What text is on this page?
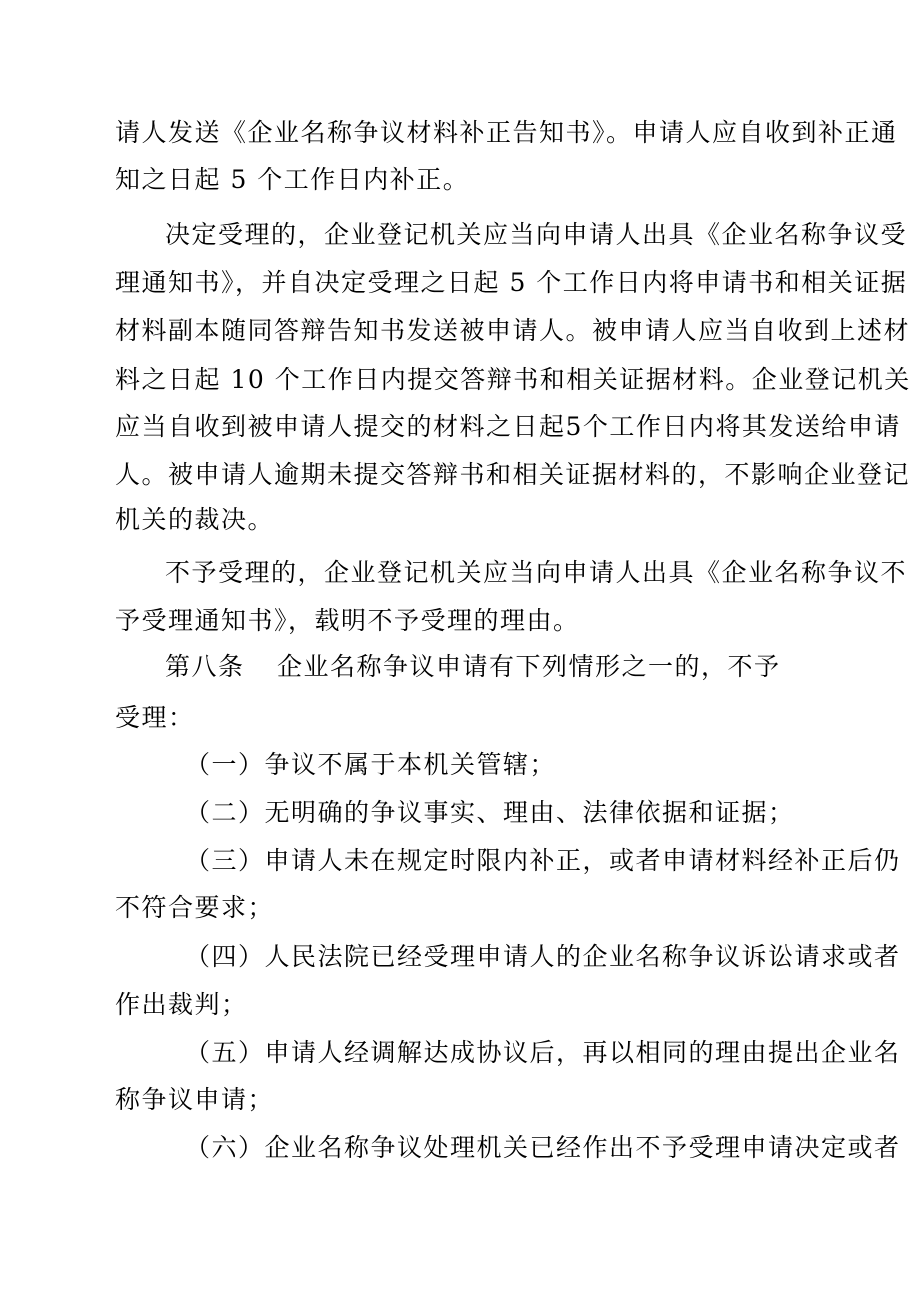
请人发送《企业名称争议材料补正告知书》。申请人应自收到补正通
知之日起 5 个工作日内补正。
决定受理的，企业登记机关应当向申请人出具《企业名称争议受
理通知书》，并自决定受理之日起 5 个工作日内将申请书和相关证据
材料副本随同答辩告知书发送被申请人。被申请人应当自收到上述材
料之日起 10 个工作日内提交答辩书和相关证据材料。企业登记机关
应当自收到被申请人提交的材料之日起5个工作日内将其发送给申请
人。被申请人逾期未提交答辩书和相关证据材料的，不影响企业登记
机关的裁决。
不予受理的，企业登记机关应当向申请人出具《企业名称争议不
予受理通知书》，载明不予受理的理由。
第八条 企业名称争议申请有下列情形之一的，不予
受理：
（一）争议不属于本机关管辖；
（二）无明确的争议事实、理由、法律依据和证据；
（三）申请人未在规定时限内补正，或者申请材料经补正后仍
不符合要求；
（四）人民法院已经受理申请人的企业名称争议诉讼请求或者
作出裁判；
（五）申请人经调解达成协议后，再以相同的理由提出企业名
称争议申请；
（六）企业名称争议处理机关已经作出不予受理申请决定或者
